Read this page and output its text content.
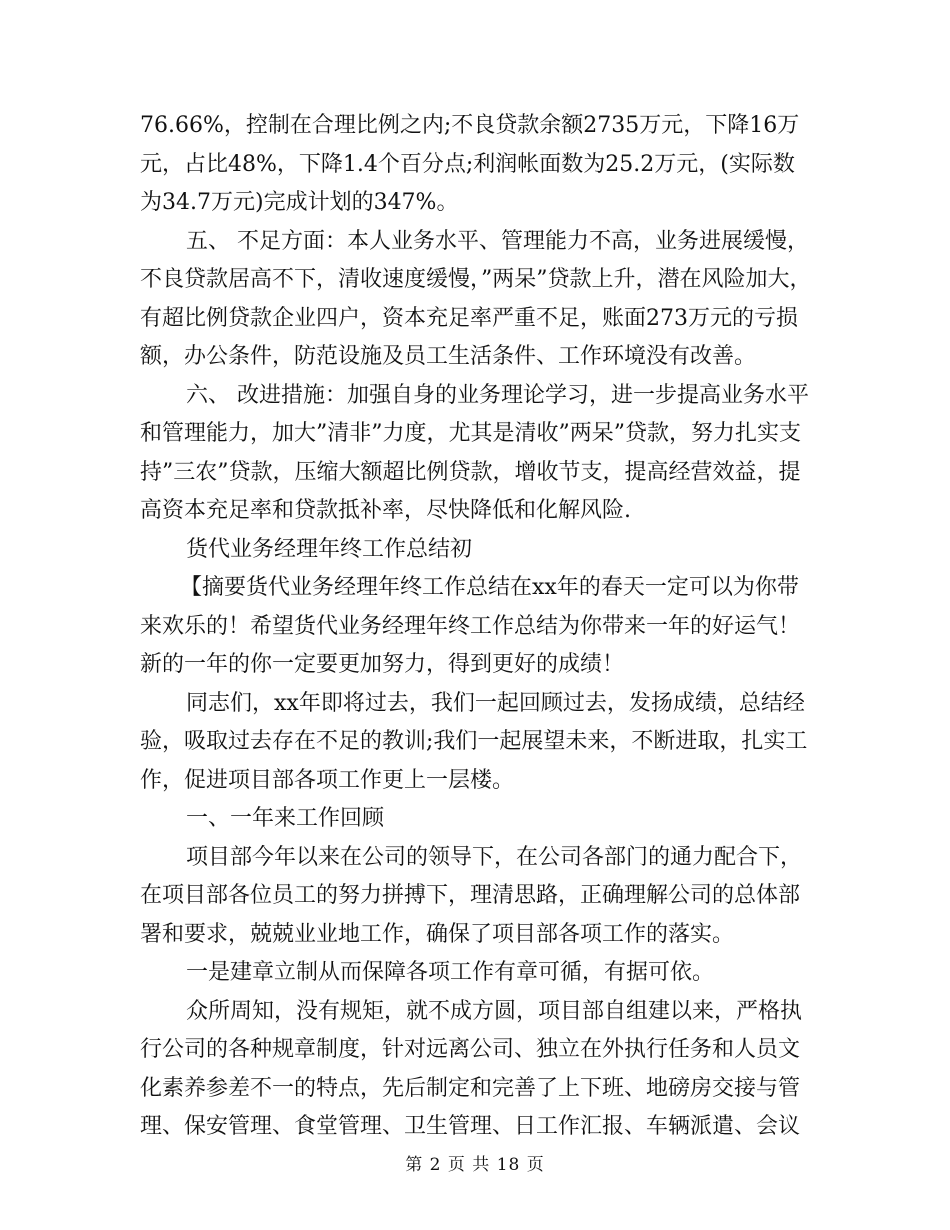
76.66%，控制在合理比例之内;不良贷款余额2735万元，下降16万元，占比48%，下降1.4个百分点;利润帐面数为25.2万元，(实际数为34.7万元)完成计划的347%。

五、 不足方面：本人业务水平、管理能力不高，业务进展缓慢，不良贷款居高不下，清收速度缓慢，”两呆”贷款上升，潜在风险加大，有超比例贷款企业四户，资本充足率严重不足，账面273万元的亏损额，办公条件，防范设施及员工生活条件、工作环境没有改善。

六、 改进措施：加强自身的业务理论学习，进一步提高业务水平和管理能力，加大”清非”力度，尤其是清收”两呆”贷款，努力扎实支持”三农”贷款，压缩大额超比例贷款，增收节支，提高经营效益，提高资本充足率和贷款抵补率，尽快降低和化解风险.

货代业务经理年终工作总结初

【摘要货代业务经理年终工作总结在xx年的春天一定可以为你带来欢乐的！希望货代业务经理年终工作总结为你带来一年的好运气！新的一年的你一定要更加努力，得到更好的成绩！

同志们，xx年即将过去，我们一起回顾过去，发扬成绩，总结经验，吸取过去存在不足的教训;我们一起展望未来，不断进取，扎实工作，促进项目部各项工作更上一层楼。

一、一年来工作回顾

项目部今年以来在公司的领导下，在公司各部门的通力配合下，在项目部各位员工的努力拼搏下，理清思路，正确理解公司的总体部署和要求，兢兢业业地工作，确保了项目部各项工作的落实。

一是建章立制从而保障各项工作有章可循，有据可依。

众所周知，没有规矩，就不成方圆，项目部自组建以来，严格执行公司的各种规章制度，针对远离公司、独立在外执行任务和人员文化素养参差不一的特点，先后制定和完善了上下班、地磅房交接与管理、保安管理、食堂管理、卫生管理、日工作汇报、车辆派遣、会议

第 2 页 共 18 页
